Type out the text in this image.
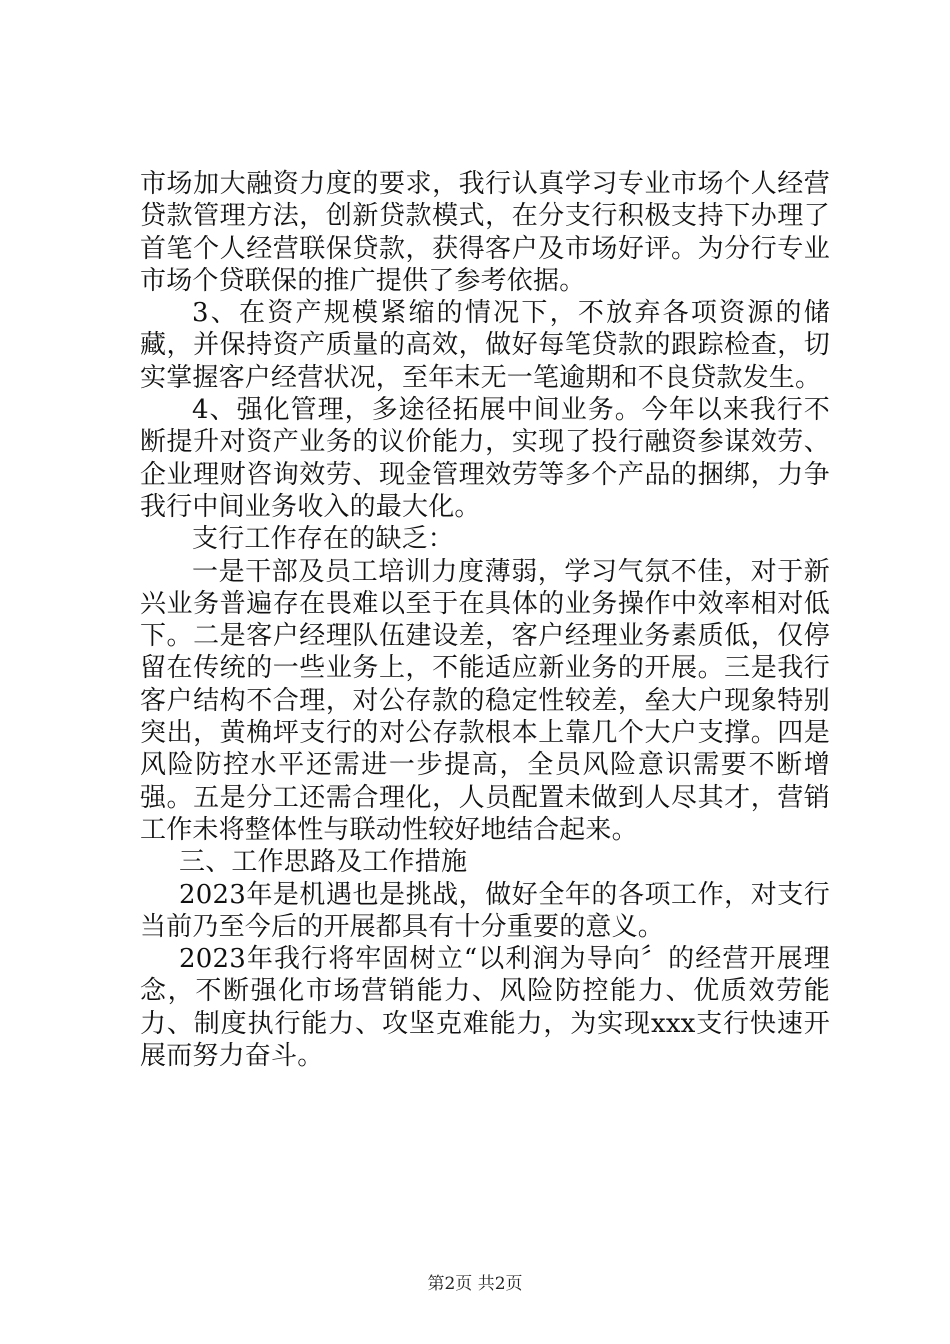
市场加大融资力度的要求，我行认真学习专业市场个人经营贷款管理方法，创新贷款模式，在分支行积极支持下办理了首笔个人经营联保贷款，获得客户及市场好评。为分行专业市场个贷联保的推广提供了参考依据。

3、在资产规模紧缩的情况下，不放弃各项资源的储藏，并保持资产质量的高效，做好每笔贷款的跟踪检查，切实掌握客户经营状况，至年末无一笔逾期和不良贷款发生。

4、强化管理，多途径拓展中间业务。今年以来我行不断提升对资产业务的议价能力，实现了投行融资参谋效劳、企业理财咨询效劳、现金管理效劳等多个产品的捆绑，力争我行中间业务收入的最大化。

支行工作存在的缺乏：

一是干部及员工培训力度薄弱，学习气氛不佳，对于新兴业务普遍存在畏难以至于在具体的业务操作中效率相对低下。二是客户经理队伍建设差，客户经理业务素质低，仅停留在传统的一些业务上，不能适应新业务的开展。三是我行客户结构不合理，对公存款的稳定性较差，垒大户现象特别突出，黄桷坪支行的对公存款根本上靠几个大户支撑。四是风险防控水平还需进一步提高，全员风险意识需要不断增强。五是分工还需合理化，人员配置未做到人尽其才，营销工作未将整体性与联动性较好地结合起来。

三、工作思路及工作措施

2023年是机遇也是挑战，做好全年的各项工作，对支行当前乃至今后的开展都具有十分重要的意义。

2023年我行将牢固树立“以利润为导向〞的经营开展理念，不断强化市场营销能力、风险防控能力、优质效劳能力、制度执行能力、攻坚克难能力，为实现xxx支行快速开展而努力奋斗。

第2页 共2页
